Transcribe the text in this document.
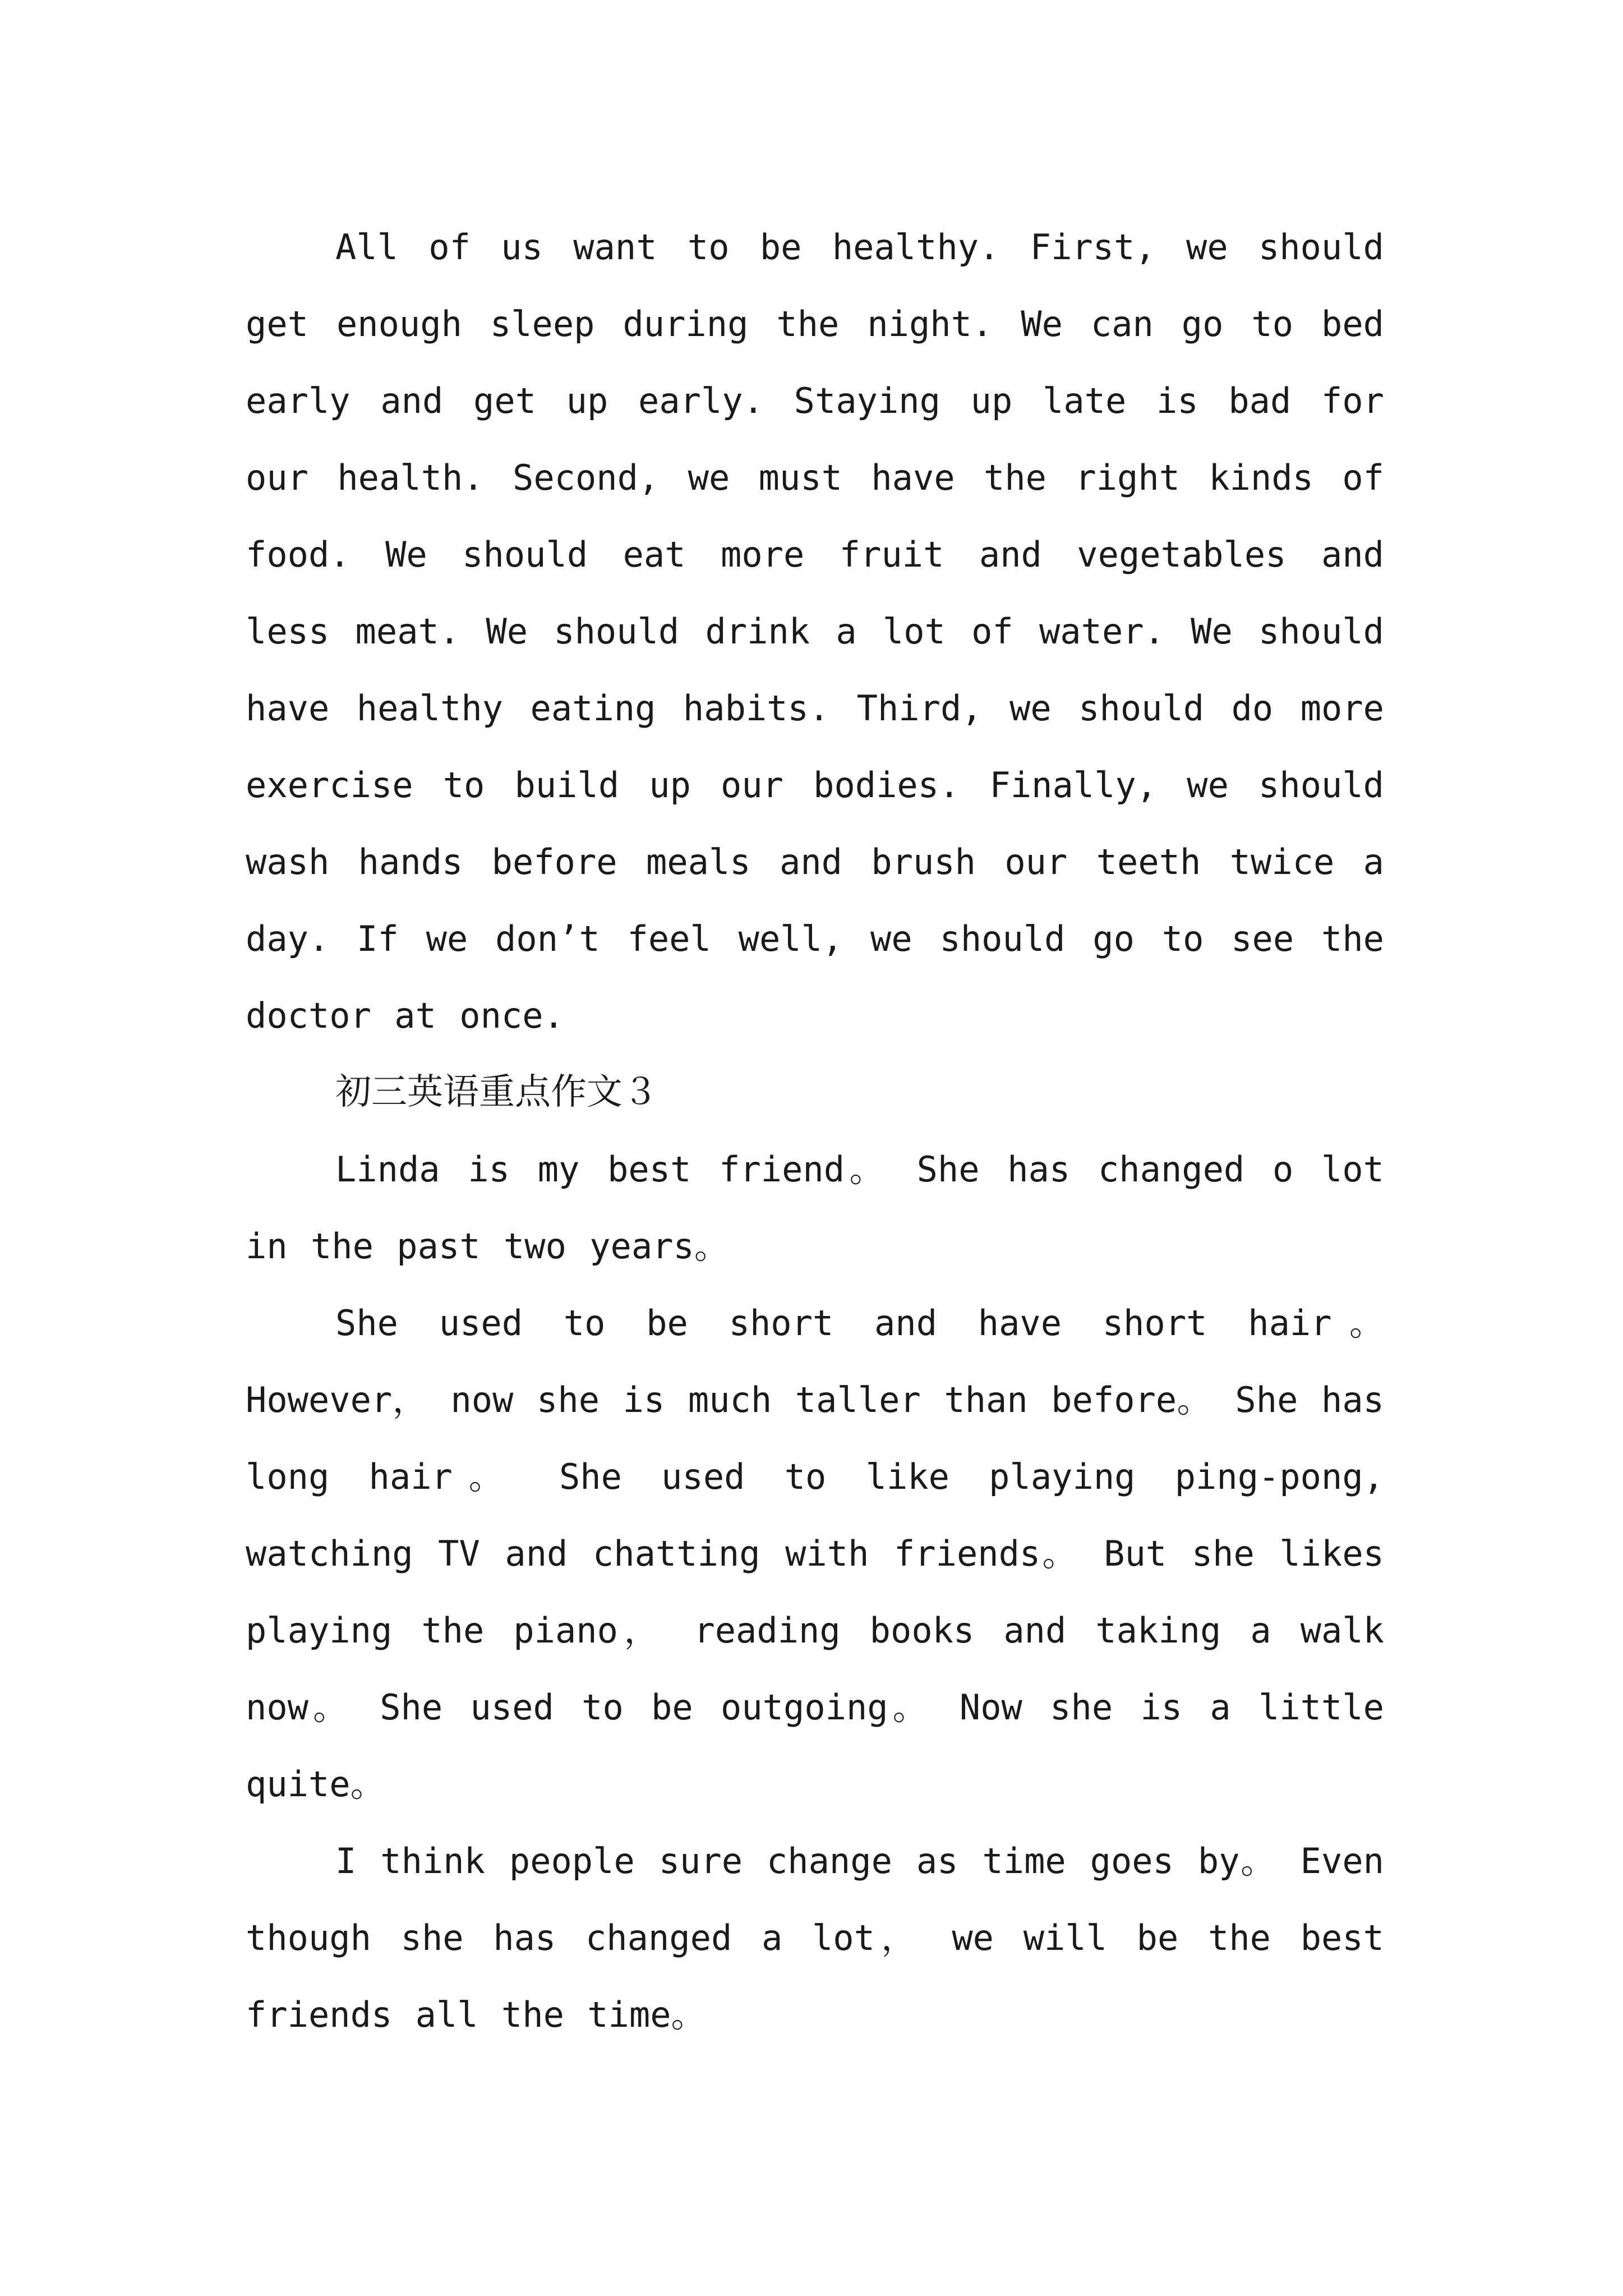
All of us want to be healthy. First, we should get enough sleep during the night. We can go to bed early and get up early. Staying up late is bad for our health. Second, we must have the right kinds of food. We should eat more fruit and vegetables and less meat. We should drink a lot of water. We should have healthy eating habits. Third, we should do more exercise to build up our bodies. Finally, we should wash hands before meals and brush our teeth twice a day. If we don’t feel well, we should go to see the doctor at once.

初三英语重点作文３

Linda is my best friend。 She has changed o lot in the past two years。

She used to be short and have short hair。 However， now she is much taller than before。 She has long hair。 She used to like playing ping-pong, watching TV and chatting with friends。 But she likes playing the piano， reading books and taking a walk now。 She used to be outgoing。 Now she is a little quite。

I think people sure change as time goes by。 Even though she has changed a lot， we will be the best friends all the time。
